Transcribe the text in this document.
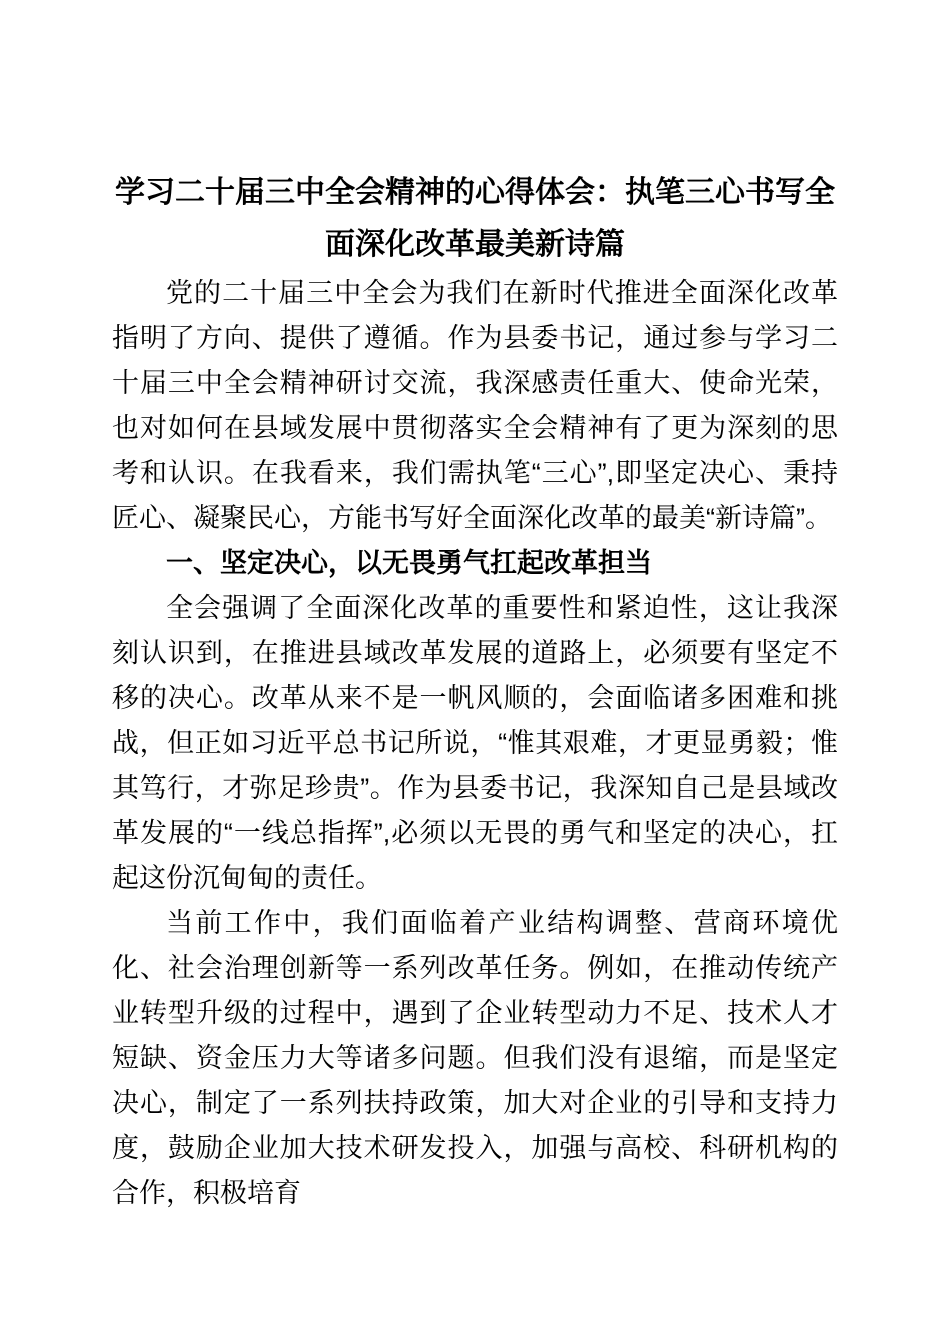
学习二十届三中全会精神的心得体会：执笔三心书写全面深化改革最美新诗篇

党的二十届三中全会为我们在新时代推进全面深化改革指明了方向、提供了遵循。作为县委书记，通过参与学习二十届三中全会精神研讨交流，我深感责任重大、使命光荣，也对如何在县域发展中贯彻落实全会精神有了更为深刻的思考和认识。在我看来，我们需执笔“三心”,即坚定决心、秉持匠心、凝聚民心，方能书写好全面深化改革的最美“新诗篇”。

一、坚定决心，以无畏勇气扛起改革担当

全会强调了全面深化改革的重要性和紧迫性，这让我深刻认识到，在推进县域改革发展的道路上，必须要有坚定不移的决心。改革从来不是一帆风顺的，会面临诸多困难和挑战，但正如习近平总书记所说，“惟其艰难，才更显勇毅；惟其笃行，才弥足珍贵”。作为县委书记，我深知自己是县域改革发展的“一线总指挥”,必须以无畏的勇气和坚定的决心，扛起这份沉甸甸的责任。

当前工作中，我们面临着产业结构调整、营商环境优化、社会治理创新等一系列改革任务。例如，在推动传统产业转型升级的过程中，遇到了企业转型动力不足、技术人才短缺、资金压力大等诸多问题。但我们没有退缩，而是坚定决心，制定了一系列扶持政策，加大对企业的引导和支持力度，鼓励企业加大技术研发投入，加强与高校、科研机构的合作，积极培育
